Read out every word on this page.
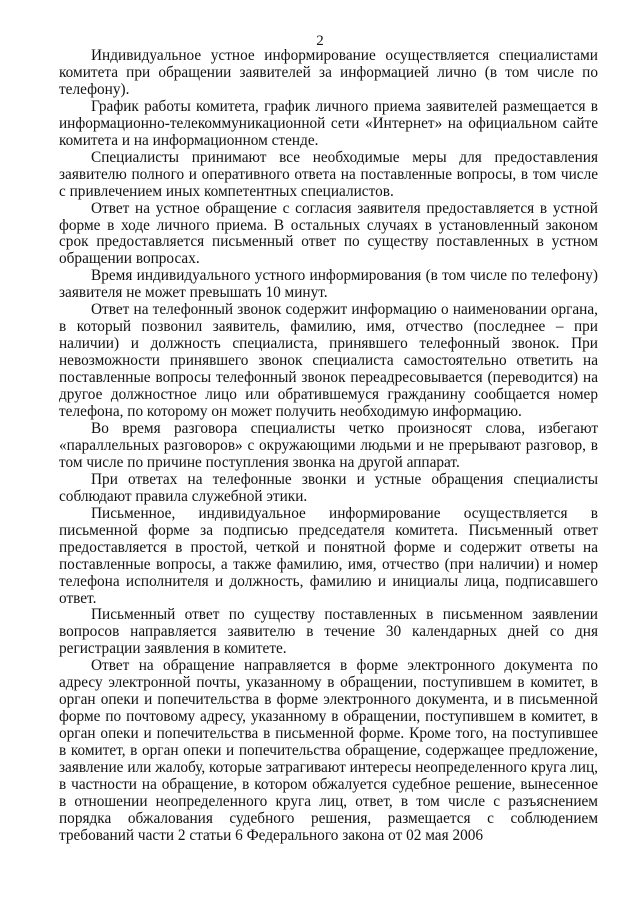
2

Индивидуальное устное информирование осуществляется специалистами комитета при обращении заявителей за информацией лично (в том числе по телефону).

График работы комитета, график личного приема заявителей размещается в информационно-телекоммуникационной сети «Интернет» на официальном сайте комитета и на информационном стенде.

Специалисты принимают все необходимые меры для предоставления заявителю полного и оперативного ответа на поставленные вопросы, в том числе с привлечением иных компетентных специалистов.

Ответ на устное обращение с согласия заявителя предоставляется в устной форме в ходе личного приема. В остальных случаях в установленный законом срок предоставляется письменный ответ по существу поставленных в устном обращении вопросах.

Время индивидуального устного информирования (в том числе по телефону) заявителя не может превышать 10 минут.

Ответ на телефонный звонок содержит информацию о наименовании органа, в который позвонил заявитель, фамилию, имя, отчество (последнее – при наличии) и должность специалиста, принявшего телефонный звонок. При невозможности принявшего звонок специалиста самостоятельно ответить на поставленные вопросы телефонный звонок переадресовывается (переводится) на другое должностное лицо или обратившемуся гражданину сообщается номер телефона, по которому он может получить необходимую информацию.

Во время разговора специалисты четко произносят слова, избегают «параллельных разговоров» с окружающими людьми и не прерывают разговор, в том числе по причине поступления звонка на другой аппарат.

При ответах на телефонные звонки и устные обращения специалисты соблюдают правила служебной этики.

Письменное, индивидуальное информирование осуществляется в письменной форме за подписью председателя комитета. Письменный ответ предоставляется в простой, четкой и понятной форме и содержит ответы на поставленные вопросы, а также фамилию, имя, отчество (при наличии) и номер телефона исполнителя и должность, фамилию и инициалы лица, подписавшего ответ.

Письменный ответ по существу поставленных в письменном заявлении вопросов направляется заявителю в течение 30 календарных дней со дня регистрации заявления в комитете.

Ответ на обращение направляется в форме электронного документа по адресу электронной почты, указанному в обращении, поступившем в комитет, в орган опеки и попечительства в форме электронного документа, и в письменной форме по почтовому адресу, указанному в обращении, поступившем в комитет, в орган опеки и попечительства в письменной форме. Кроме того, на поступившее в комитет, в орган опеки и попечительства обращение, содержащее предложение, заявление или жалобу, которые затрагивают интересы неопределенного круга лиц, в частности на обращение, в котором обжалуется судебное решение, вынесенное в отношении неопределенного круга лиц, ответ, в том числе с разъяснением порядка обжалования судебного решения, размещается с соблюдением требований части 2 статьи 6 Федерального закона от 02 мая 2006
